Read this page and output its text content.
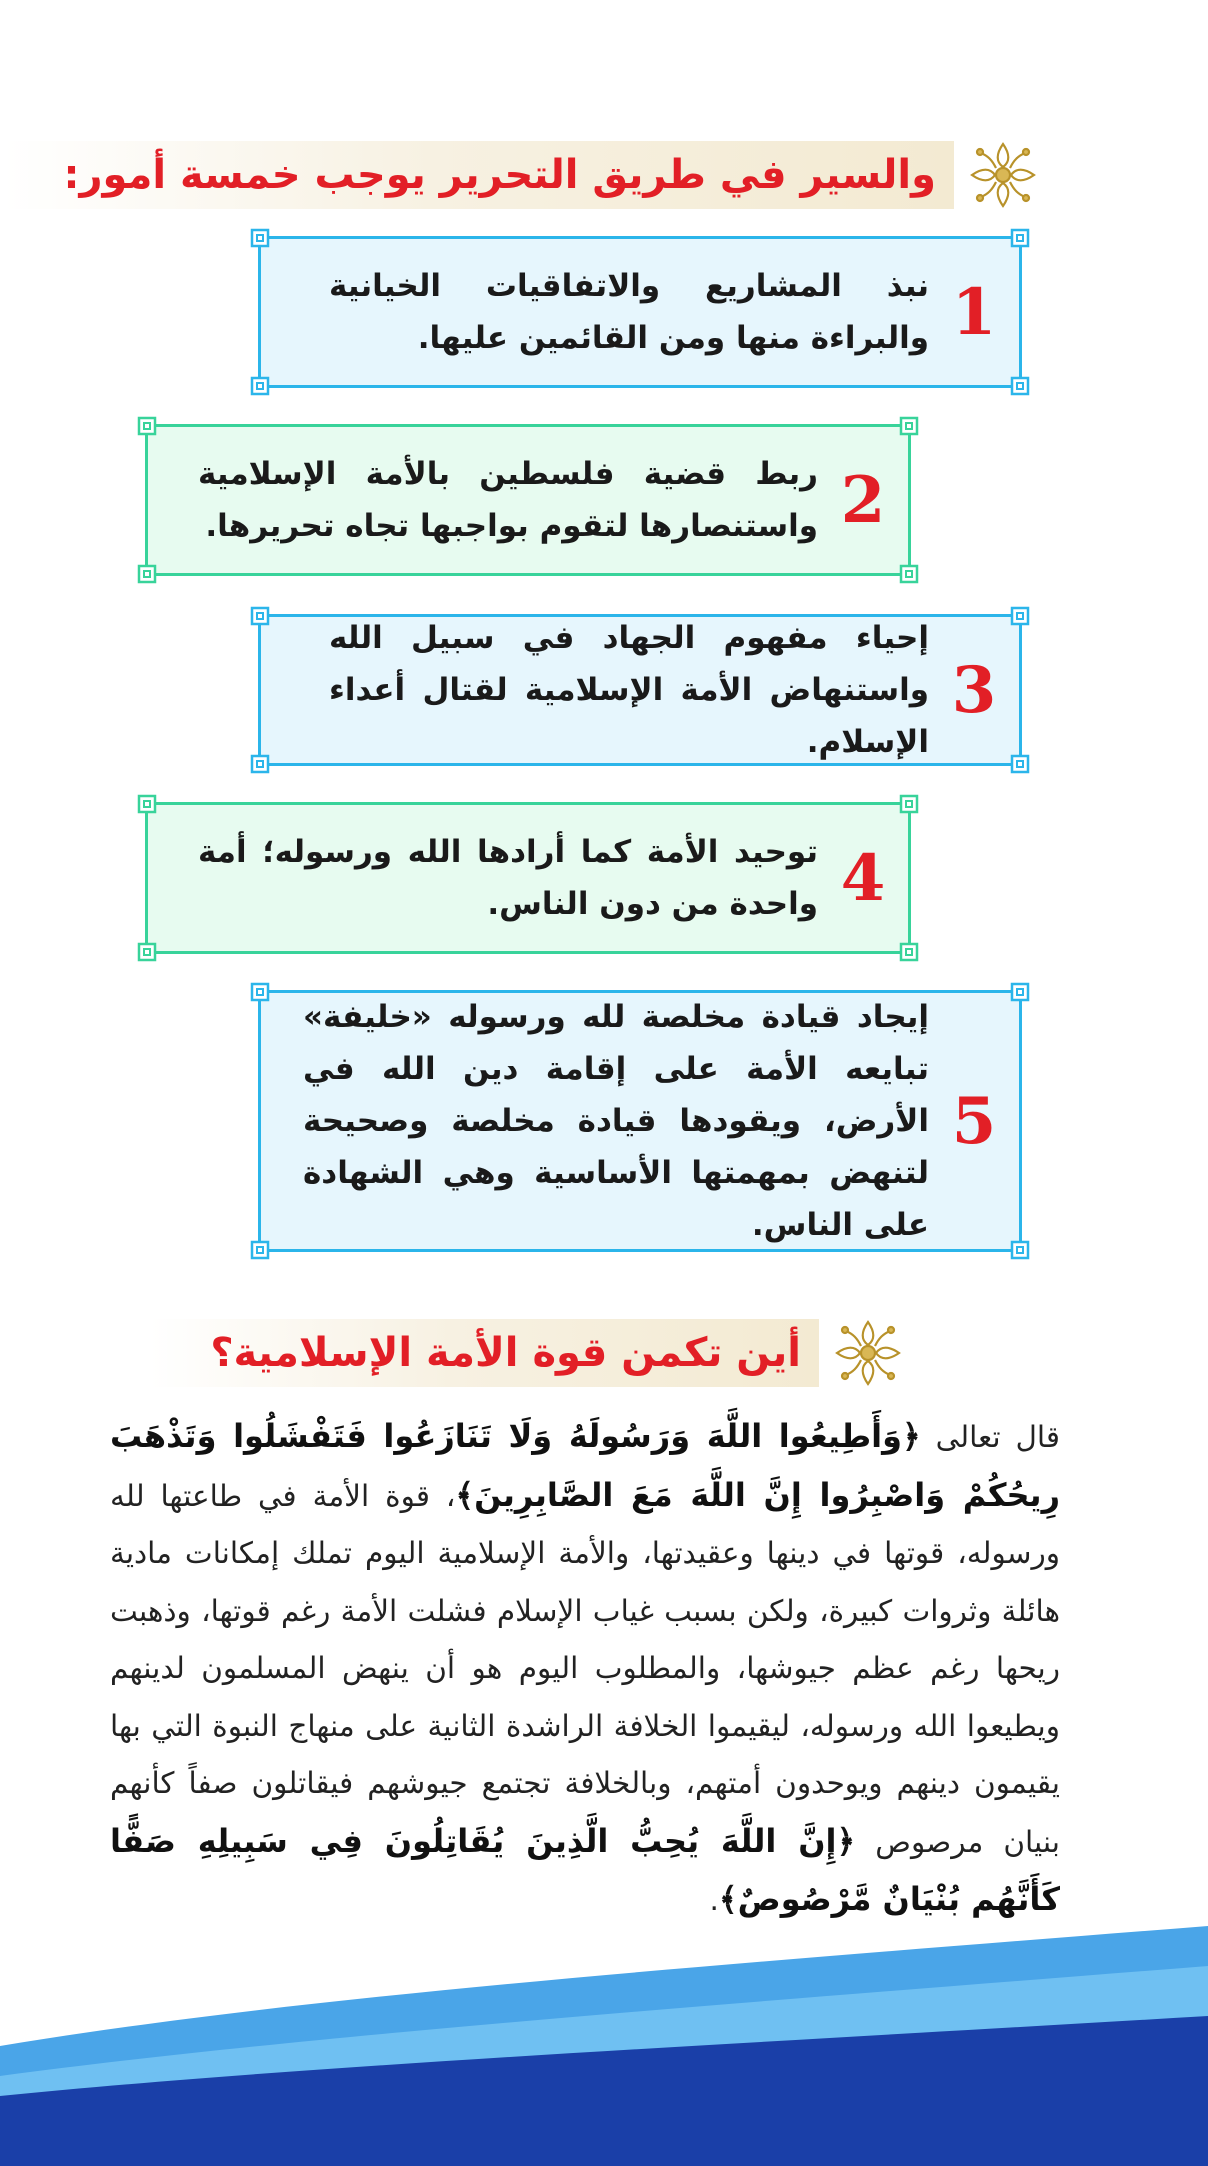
والسير في طريق التحرير يوجب خمسة أمور:
1
نبذ المشاريع والاتفاقيات الخيانية والبراءة منها ومن القائمين عليها.
2
ربط قضية فلسطين بالأمة الإسلامية واستنصارها لتقوم بواجبها تجاه تحريرها.
3
إحياء مفهوم الجهاد في سبيل الله واستنهاض الأمة الإسلامية لقتال أعداء الإسلام.
4
توحيد الأمة كما أرادها الله ورسوله؛ أمة واحدة من دون الناس.
5
إيجاد قيادة مخلصة لله ورسوله «خليفة» تبايعه الأمة على إقامة دين الله في الأرض، ويقودها قيادة مخلصة وصحيحة لتنهض بمهمتها الأساسية وهي الشهادة على الناس.
أين تكمن قوة الأمة الإسلامية؟
قال تعالى ﴿وَأَطِيعُوا اللَّهَ وَرَسُولَهُ وَلَا تَنَازَعُوا فَتَفْشَلُوا وَتَذْهَبَ رِيحُكُمْ وَاصْبِرُوا إِنَّ اللَّهَ مَعَ الصَّابِرِينَ﴾، قوة الأمة في طاعتها لله ورسوله، قوتها في دينها وعقيدتها، والأمة الإسلامية اليوم تملك إمكانات مادية هائلة وثروات كبيرة، ولكن بسبب غياب الإسلام فشلت الأمة رغم قوتها، وذهبت ريحها رغم عظم جيوشها، والمطلوب اليوم هو أن ينهض المسلمون لدينهم ويطيعوا الله ورسوله، ليقيموا الخلافة الراشدة الثانية على منهاج النبوة التي بها يقيمون دينهم ويوحدون أمتهم، وبالخلافة تجتمع جيوشهم فيقاتلون صفاً كأنهم بنيان مرصوص ﴿إِنَّ اللَّهَ يُحِبُّ الَّذِينَ يُقَاتِلُونَ فِي سَبِيلِهِ صَفًّا كَأَنَّهُم بُنْيَانٌ مَّرْصُوصٌ﴾.
